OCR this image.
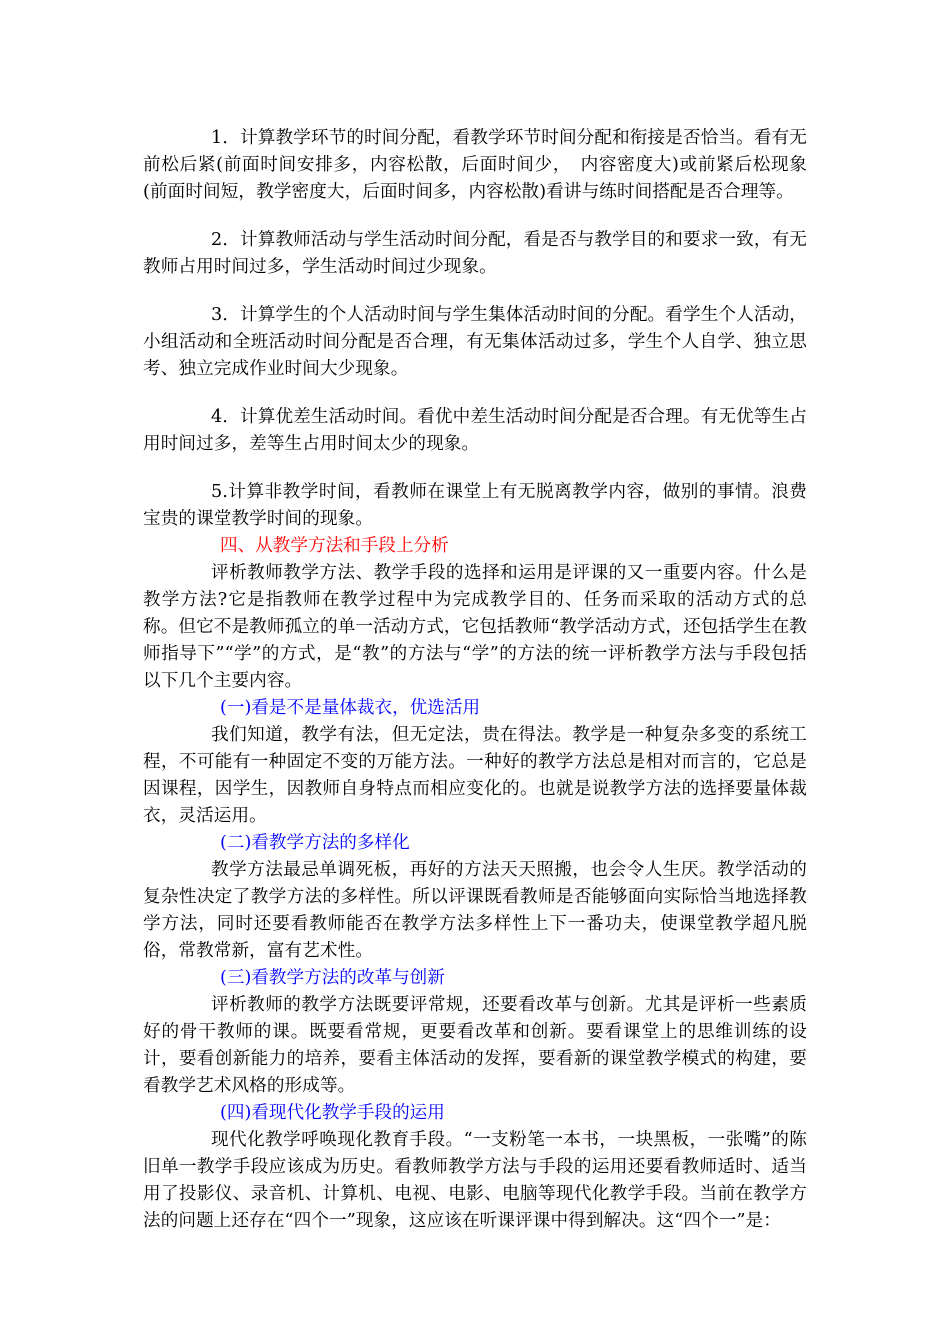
1．计算教学环节的时间分配，看教学环节时间分配和衔接是否恰当。看有无前松后紧(前面时间安排多，内容松散，后面时间少，　内容密度大)或前紧后松现象(前面时间短，教学密度大，后面时间多，内容松散)看讲与练时间搭配是否合理等。

2．计算教师活动与学生活动时间分配，看是否与教学目的和要求一致，有无教师占用时间过多，学生活动时间过少现象。

3．计算学生的个人活动时间与学生集体活动时间的分配。看学生个人活动，小组活动和全班活动时间分配是否合理，有无集体活动过多，学生个人自学、独立思考、独立完成作业时间大少现象。

4．计算优差生活动时间。看优中差生活动时间分配是否合理。有无优等生占用时间过多，差等生占用时间太少的现象。

5.计算非教学时间，看教师在课堂上有无脱离教学内容，做别的事情。浪费宝贵的课堂教学时间的现象。

四、从教学方法和手段上分析

评析教师教学方法、教学手段的选择和运用是评课的又一重要内容。什么是教学方法?它是指教师在教学过程中为完成教学目的、任务而采取的活动方式的总称。但它不是教师孤立的单一活动方式，它包括教师“教学活动方式，还包括学生在教师指导下”“学”的方式，是“教”的方法与“学”的方法的统一评析教学方法与手段包括以下几个主要内容。

(一)看是不是量体裁衣，优选活用

我们知道，教学有法，但无定法，贵在得法。教学是一种复杂多变的系统工程，不可能有一种固定不变的万能方法。一种好的教学方法总是相对而言的，它总是因课程，因学生，因教师自身特点而相应变化的。也就是说教学方法的选择要量体裁衣，灵活运用。

(二)看教学方法的多样化

教学方法最忌单调死板，再好的方法天天照搬，也会令人生厌。教学活动的复杂性决定了教学方法的多样性。所以评课既看教师是否能够面向实际恰当地选择教学方法，同时还要看教师能否在教学方法多样性上下一番功夫，使课堂教学超凡脱俗，常教常新，富有艺术性。

(三)看教学方法的改革与创新

评析教师的教学方法既要评常规，还要看改革与创新。尤其是评析一些素质好的骨干教师的课。既要看常规，更要看改革和创新。要看课堂上的思维训练的设计，要看创新能力的培养，要看主体活动的发挥，要看新的课堂教学模式的构建，要看教学艺术风格的形成等。

(四)看现代化教学手段的运用

现代化教学呼唤现化教育手段。“一支粉笔一本书，一块黑板，一张嘴”的陈旧单一教学手段应该成为历史。看教师教学方法与手段的运用还要看教师适时、适当用了投影仪、录音机、计算机、电视、电影、电脑等现代化教学手段。当前在教学方法的问题上还存在“四个一”现象，这应该在听课评课中得到解决。这“四个一”是：
